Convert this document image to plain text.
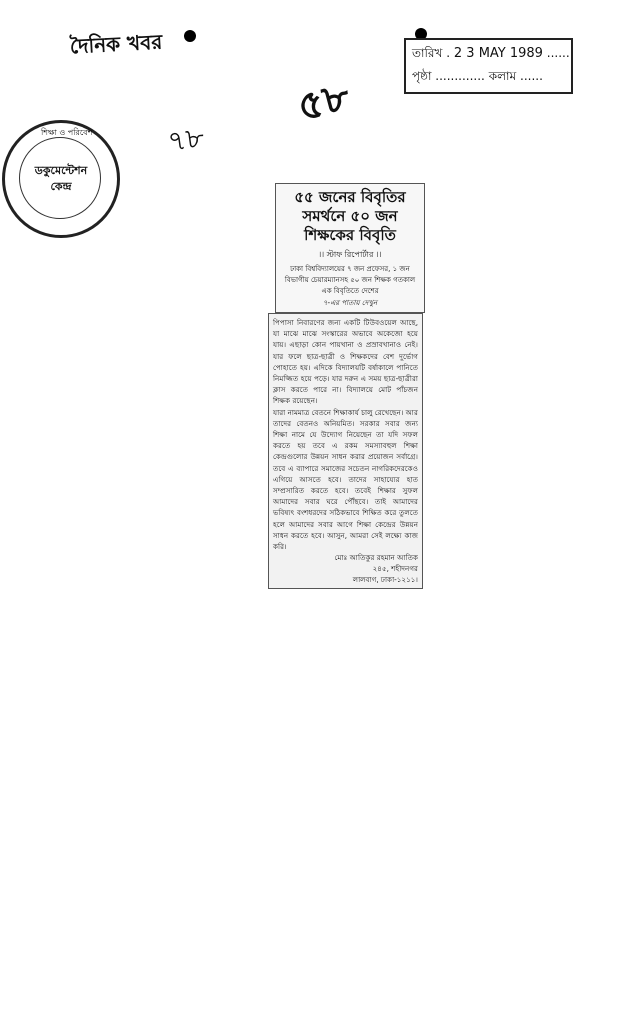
দৈনিক খবর	তারিখ . 2 3 MAY 1989 ......
পৃষ্ঠা ............. কলাম ......
৫৮
৭৮
শিক্ষা ও পরিবেশ
ডকুমেন্টেশন
কেন্দ্র
৫৫ জনের বিবৃতির
সমর্থনে ৫০ জন
শিক্ষকের বিবৃতি
।। স্টাফ রিপোর্টার ।।
ঢাকা বিশ্ববিদ্যালয়ের ৭ জন প্রফেসর, ১ জন বিভাগীয় চেয়ারম্যানসহ ৫০ জন শিক্ষক গতকাল এক বিবৃতিতে দেশের
৭-এর পাতায় দেখুন

পিপাসা নিবারণের জন্য একটি টিউবওয়েল আছে, যা মাঝে মাঝে সংস্কারের অভাবে অকেজো হয়ে যায়। এছাড়া কোন পায়খানা ও প্রস্রাবখানাও নেই। যার ফলে ছাত্র-ছাত্রী ও শিক্ষকদের বেশ দুর্ভোগ পোহাতে হয়। এদিকে বিদ্যালয়টি বর্ষাকালে পানিতে নিমজ্জিত হয়ে পড়ে। যার দরুন এ সময় ছাত্র-ছাত্রীরা ক্লাস করতে পারে না। বিদ্যালয়ে মোট পাঁচজন শিক্ষক রয়েছেন।

যারা নামমাত্র বেতনে শিক্ষাকার্য চালু রেখেছেন। আর তাদের বেতনও অনিয়মিত। সরকার সবার জন্য শিক্ষা নামে যে উদ্যোগ নিয়েছেন তা যদি সফল করতে হয় তবে এ রকম সমস্যাবহুল শিক্ষা কেন্দ্রগুলোর উন্নয়ন সাধন করার প্রয়োজন সর্বাগ্রে। তবে এ ব্যাপারে সমাজের সচেতন নাগরিকদেরকেও এগিয়ে আসতে হবে। তাদের সাহায্যের হাত সম্প্রসারিত করতে হবে। তবেই শিক্ষার সুফল আমাদের সবার ঘরে পৌঁছবে। তাই আমাদের ভবিষ্যৎ বংশধরদের সঠিকভাবে শিক্ষিত করে তুলতে হলে আমাদের সবার আগে শিক্ষা কেন্দ্রের উন্নয়ন সাধন করতে হবে। আসুন, আমরা সেই লক্ষ্যে কাজ করি।

মোঃ আতিকুর রহমান আতিক
২৪৫, শহীদনগর
লালবাগ, ঢাকা-১২১১।
